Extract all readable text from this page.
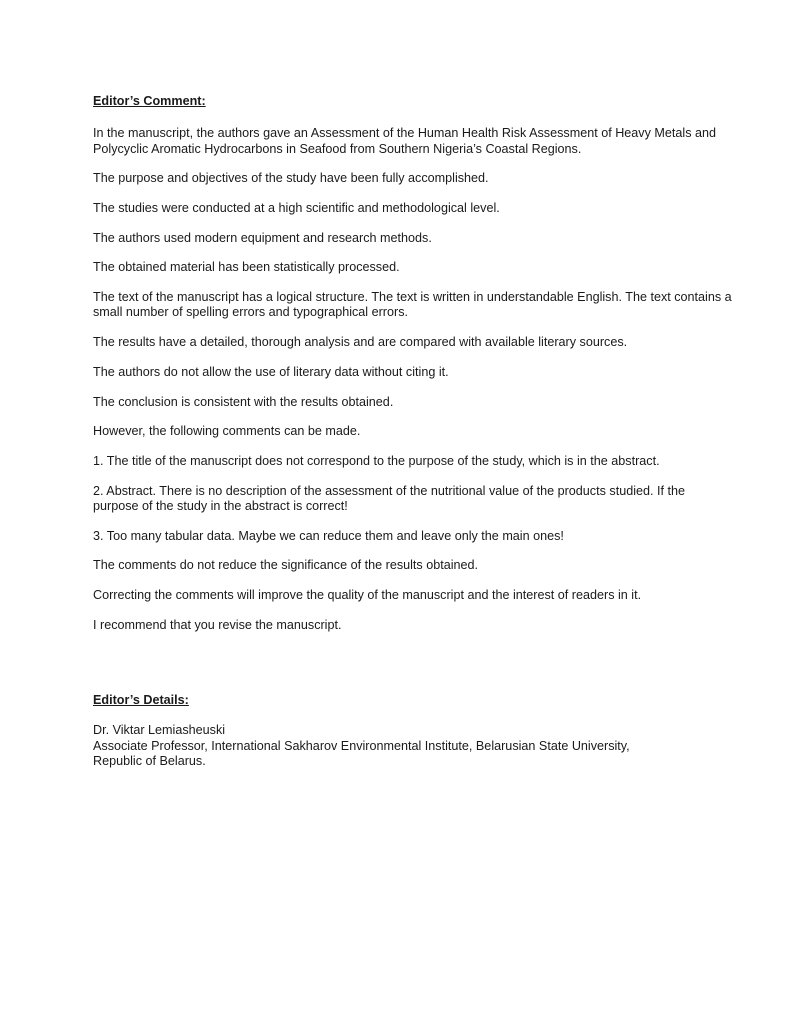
Editor’s Comment:

In the manuscript, the authors gave an Assessment of the Human Health Risk Assessment of Heavy Metals and Polycyclic Aromatic Hydrocarbons in Seafood from Southern Nigeria’s Coastal Regions.

The purpose and objectives of the study have been fully accomplished.

The studies were conducted at a high scientific and methodological level.

The authors used modern equipment and research methods.

The obtained material has been statistically processed.

The text of the manuscript has a logical structure. The text is written in understandable English. The text contains a small number of spelling errors and typographical errors.

The results have a detailed, thorough analysis and are compared with available literary sources.

The authors do not allow the use of literary data without citing it.

The conclusion is consistent with the results obtained.

However, the following comments can be made.

1. The title of the manuscript does not correspond to the purpose of the study, which is in the abstract.

2. Abstract. There is no description of the assessment of the nutritional value of the products studied. If the purpose of the study in the abstract is correct!

3. Too many tabular data. Maybe we can reduce them and leave only the main ones!

The comments do not reduce the significance of the results obtained.

Correcting the comments will improve the quality of the manuscript and the interest of readers in it.

I recommend that you revise the manuscript.

Editor’s Details:
Dr. Viktar Lemiasheuski
Associate Professor, International Sakharov Environmental Institute, Belarusian State University,
Republic of Belarus.
